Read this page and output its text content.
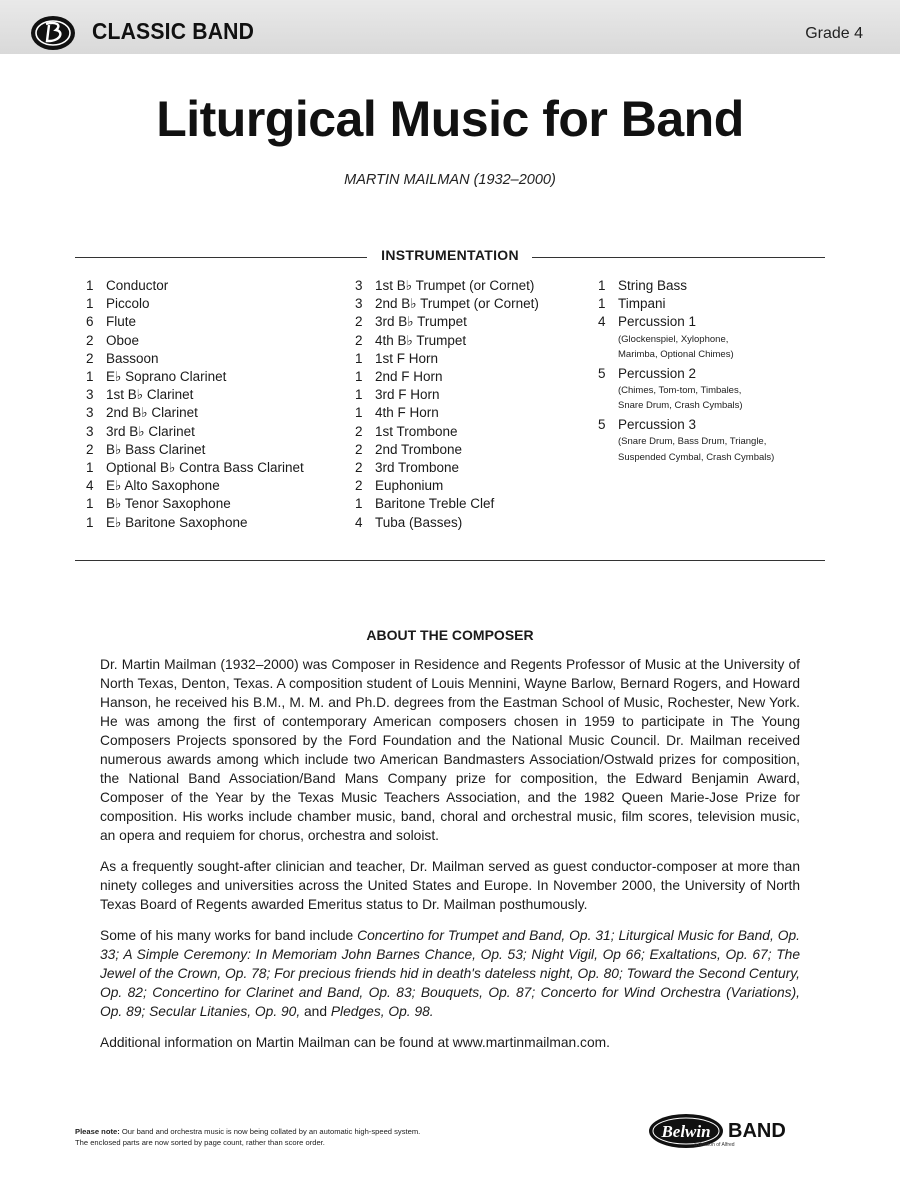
CLASSIC BAND	Grade 4
Liturgical Music for Band
MARTIN MAILMAN (1932–2000)
INSTRUMENTATION
1 Conductor
1 Piccolo
6 Flute
2 Oboe
2 Bassoon
1 E♭ Soprano Clarinet
3 1st B♭ Clarinet
3 2nd B♭ Clarinet
3 3rd B♭ Clarinet
2 B♭ Bass Clarinet
1 Optional B♭ Contra Bass Clarinet
4 E♭ Alto Saxophone
1 B♭ Tenor Saxophone
1 E♭ Baritone Saxophone
3 1st B♭ Trumpet (or Cornet)
3 2nd B♭ Trumpet (or Cornet)
2 3rd B♭ Trumpet
2 4th B♭ Trumpet
1 1st F Horn
1 2nd F Horn
1 3rd F Horn
1 4th F Horn
2 1st Trombone
2 2nd Trombone
2 3rd Trombone
2 Euphonium
1 Baritone Treble Clef
4 Tuba (Basses)
1 String Bass
1 Timpani
4 Percussion 1
(Glockenspiel, Xylophone,
Marimba, Optional Chimes)
5 Percussion 2
(Chimes, Tom-tom, Timbales,
Snare Drum, Crash Cymbals)
5 Percussion 3
(Snare Drum, Bass Drum, Triangle,
Suspended Cymbal, Crash Cymbals)
ABOUT THE COMPOSER

Dr. Martin Mailman (1932–2000) was Composer in Residence and Regents Professor of Music at the University of North Texas, Denton, Texas. A composition student of Louis Mennini, Wayne Barlow, Bernard Rogers, and Howard Hanson, he received his B.M., M. M. and Ph.D. degrees from the Eastman School of Music, Rochester, New York. He was among the first of contemporary American composers chosen in 1959 to participate in The Young Composers Projects sponsored by the Ford Foundation and the National Music Council. Dr. Mailman received numerous awards among which include two American Bandmasters Association/Ostwald prizes for composition, the National Band Association/Band Mans Company prize for composition, the Edward Benjamin Award, Composer of the Year by the Texas Music Teachers Association, and the 1982 Queen Marie-Jose Prize for composition. His works include chamber music, band, choral and orchestral music, film scores, television music, an opera and requiem for chorus, orchestra and soloist.

As a frequently sought-after clinician and teacher, Dr. Mailman served as guest conductor-composer at more than ninety colleges and universities across the United States and Europe. In November 2000, the University of North Texas Board of Regents awarded Emeritus status to Dr. Mailman posthumously.

Some of his many works for band include Concertino for Trumpet and Band, Op. 31; Liturgical Music for Band, Op. 33; A Simple Ceremony: In Memoriam John Barnes Chance, Op. 53; Night Vigil, Op 66; Exaltations, Op. 67; The Jewel of the Crown, Op. 78; For precious friends hid in death's dateless night, Op. 80; Toward the Second Century, Op. 82; Concertino for Clarinet and Band, Op. 83; Bouquets, Op. 87; Concerto for Wind Orchestra (Variations), Op. 89; Secular Litanies, Op. 90, and Pledges, Op. 98.

Additional information on Martin Mailman can be found at www.martinmailman.com.

Please note: Our band and orchestra music is now being collated by an automatic high-speed system.
The enclosed parts are now sorted by page count, rather than score order.
Belwin BAND
a division of Alfred
